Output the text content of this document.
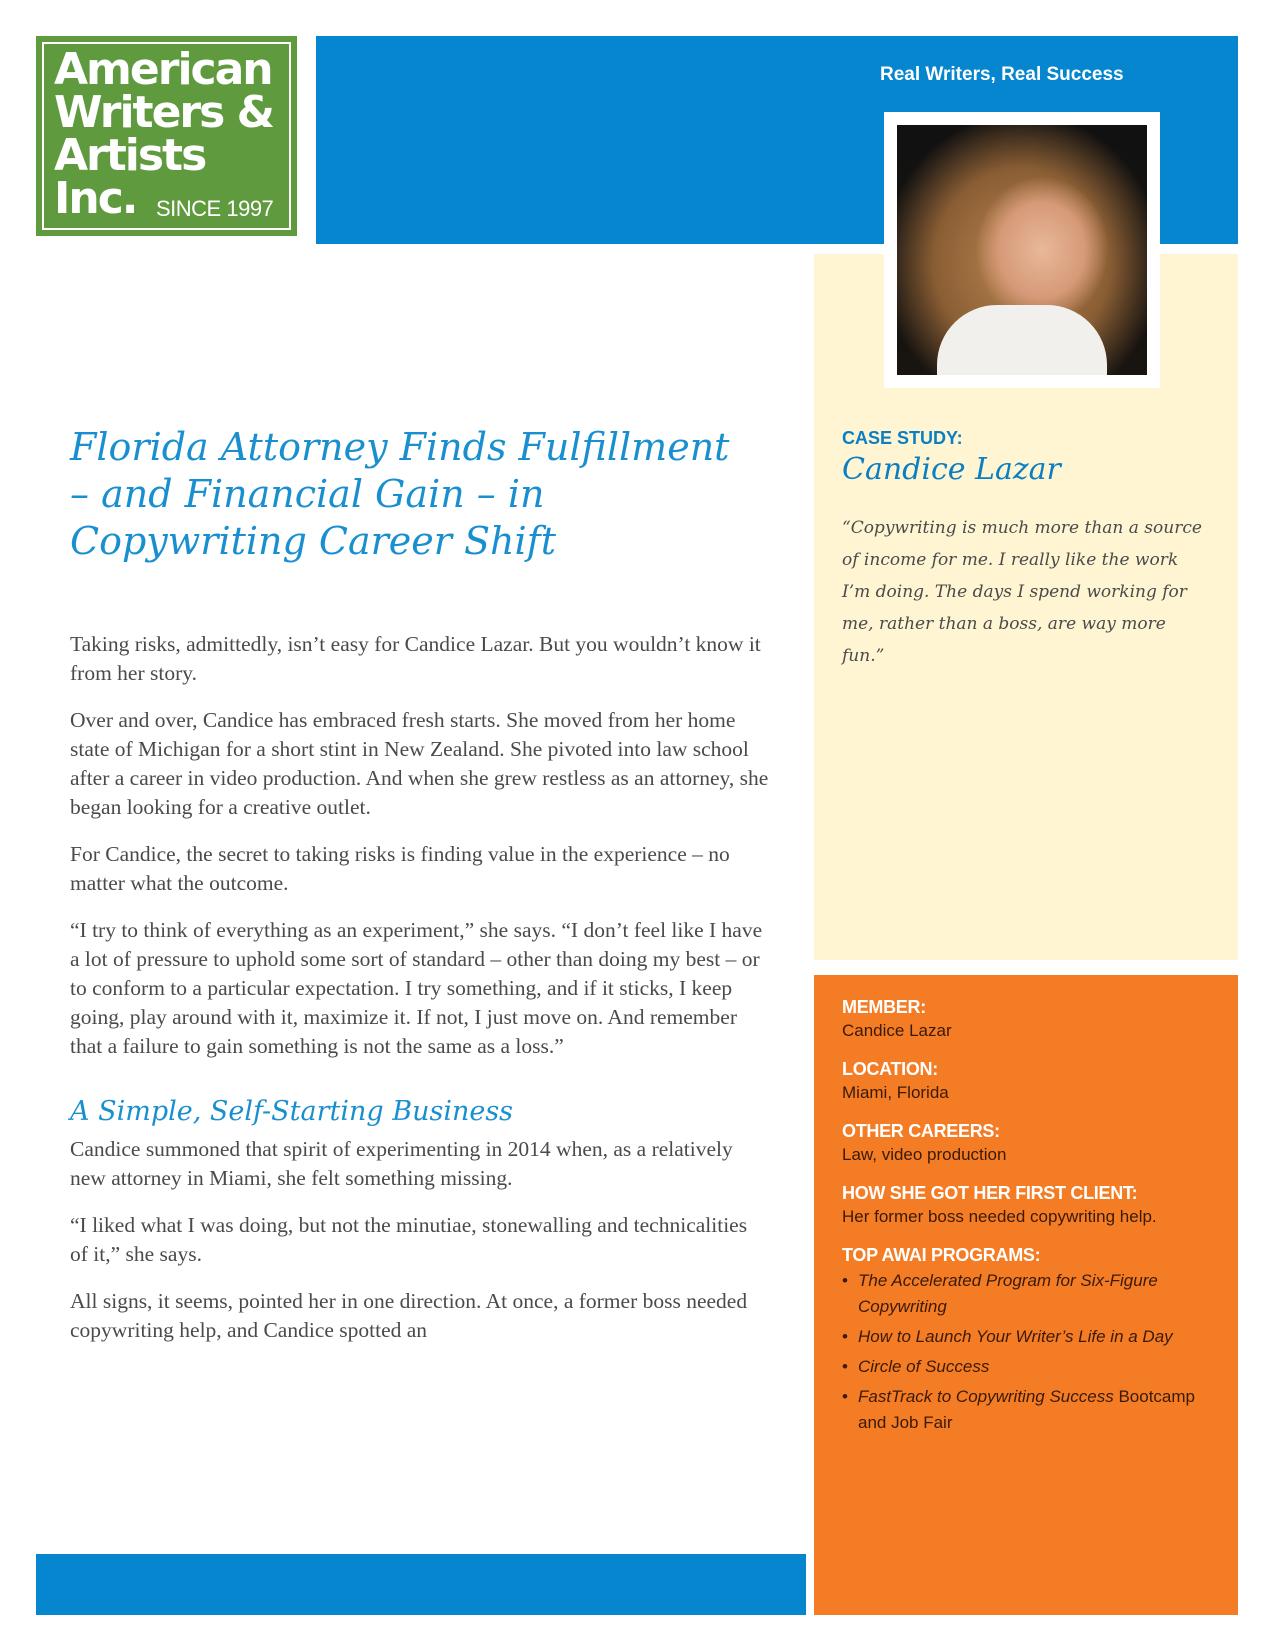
American
Writers &
Artists
Inc. SINCE 1997
Real Writers, Real Success
CASE STUDY:
Candice Lazar
“Copywriting is much more than a source of income for me. I really like the work I’m doing. The days I spend working for me, rather than a boss, are way more fun.”
MEMBER:
Candice Lazar
LOCATION:
Miami, Florida
OTHER CAREERS:
Law, video production
HOW SHE GOT HER FIRST CLIENT:
Her former boss needed copywriting help.
TOP AWAI PROGRAMS:
• The Accelerated Program for Six-Figure Copywriting
• How to Launch Your Writer’s Life in a Day
• Circle of Success
• FastTrack to Copywriting Success Bootcamp and Job Fair
Florida Attorney Finds Fulfillment – and Financial Gain – in Copywriting Career Shift

Taking risks, admittedly, isn’t easy for Candice Lazar. But you wouldn’t know it from her story.

Over and over, Candice has embraced fresh starts. She moved from her home state of Michigan for a short stint in New Zealand. She pivoted into law school after a career in video production. And when she grew restless as an attorney, she began looking for a creative outlet.

For Candice, the secret to taking risks is finding value in the experience – no matter what the outcome.

“I try to think of everything as an experiment,” she says. “I don’t feel like I have a lot of pressure to uphold some sort of standard – other than doing my best – or to conform to a particular expectation. I try something, and if it sticks, I keep going, play around with it, maximize it. If not, I just move on. And remember that a failure to gain something is not the same as a loss.”

A Simple, Self-Starting Business

Candice summoned that spirit of experimenting in 2014 when, as a relatively new attorney in Miami, she felt something missing.

“I liked what I was doing, but not the minutiae, stonewalling and technicalities of it,” she says.

All signs, it seems, pointed her in one direction. At once, a former boss needed copywriting help, and Candice spotted an
